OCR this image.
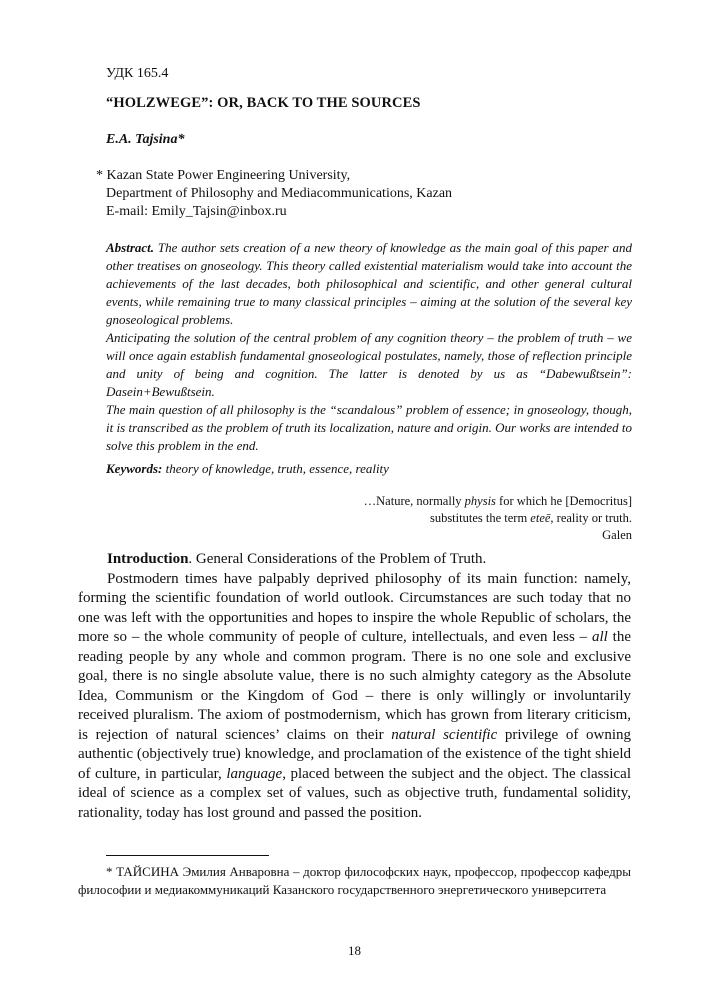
УДК 165.4
“HOLZWEGE”: OR, BACK TO THE SOURCES
E.A. Tajsina*
* Kazan State Power Engineering University,
Department of Philosophy and Mediacommunications, Kazan
E-mail: Emily_Tajsin@inbox.ru

Abstract. The author sets creation of a new theory of knowledge as the main goal of this paper and other treatises on gnoseology. This theory called existential materialism would take into account the achievements of the last decades, both philosophical and scientific, and other general cultural events, while remaining true to many classical principles – aiming at the solution of the several key gnoseological problems.

Anticipating the solution of the central problem of any cognition theory – the problem of truth – we will once again establish fundamental gnoseological postulates, namely, those of reflection principle and unity of being and cognition. The latter is denoted by us as “Dabewußtsein”: Dasein+Bewußtsein.

The main question of all philosophy is the “scandalous” problem of essence; in gnoseology, though, it is transcribed as the problem of truth its localization, nature and origin. Our works are intended to solve this problem in the end.

Keywords: theory of knowledge, truth, essence, reality
…Nature, normally physis for which he [Democritus]
substitutes the term eteē, reality or truth.
Galen

Introduction. General Considerations of the Problem of Truth.

Postmodern times have palpably deprived philosophy of its main function: namely, forming the scientific foundation of world outlook. Circumstances are such today that no one was left with the opportunities and hopes to inspire the whole Republic of scholars, the more so – the whole community of people of culture, intellectuals, and even less – all the reading people by any whole and common program. There is no one sole and exclusive goal, there is no single absolute value, there is no such almighty category as the Absolute Idea, Communism or the Kingdom of God – there is only willingly or involuntarily received pluralism. The axiom of postmodernism, which has grown from literary criticism, is rejection of natural sciences’ claims on their natural scientific privilege of owning authentic (objectively true) knowledge, and proclamation of the existence of the tight shield of culture, in particular, language, placed between the subject and the object. The classical ideal of science as a complex set of values, such as objective truth, fundamental solidity, rationality, today has lost ground and passed the position.

* ТАЙСИНА Эмилия Анваровна – доктор философских наук, профессор, профессор кафедры философии и медиакоммуникаций Казанского государственного энергетического университета

18
